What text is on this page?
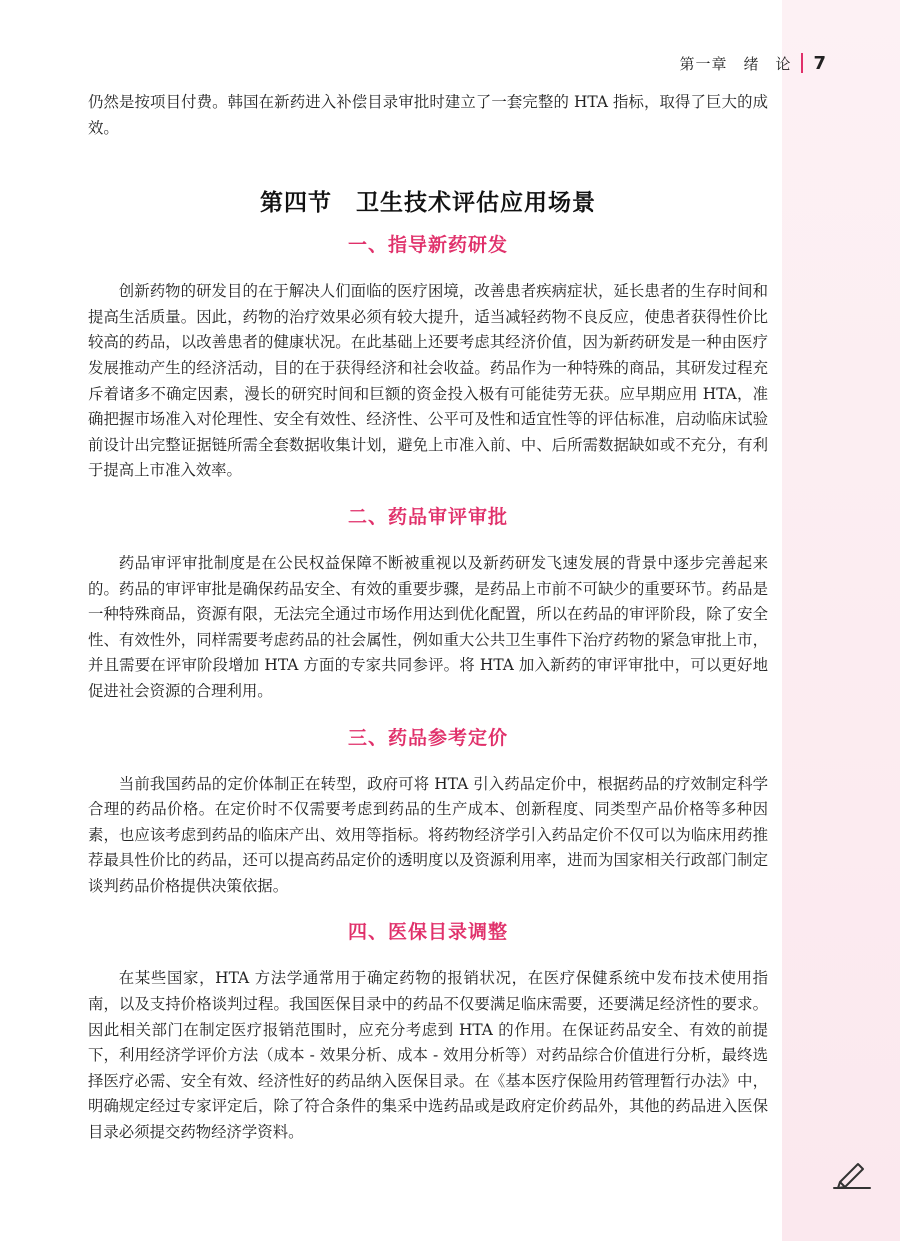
第一章　绪　论 7

仍然是按项目付费。韩国在新药进入补偿目录审批时建立了一套完整的 HTA 指标，取得了巨大的成效。

第四节　卫生技术评估应用场景
一、指导新药研发

创新药物的研发目的在于解决人们面临的医疗困境，改善患者疾病症状，延长患者的生存时间和提高生活质量。因此，药物的治疗效果必须有较大提升，适当减轻药物不良反应，使患者获得性价比较高的药品，以改善患者的健康状况。在此基础上还要考虑其经济价值，因为新药研发是一种由医疗发展推动产生的经济活动，目的在于获得经济和社会收益。药品作为一种特殊的商品，其研发过程充斥着诸多不确定因素，漫长的研究时间和巨额的资金投入极有可能徒劳无获。应早期应用 HTA，准确把握市场准入对伦理性、安全有效性、经济性、公平可及性和适宜性等的评估标准，启动临床试验前设计出完整证据链所需全套数据收集计划，避免上市准入前、中、后所需数据缺如或不充分，有利于提高上市准入效率。

二、药品审评审批

药品审评审批制度是在公民权益保障不断被重视以及新药研发飞速发展的背景中逐步完善起来的。药品的审评审批是确保药品安全、有效的重要步骤，是药品上市前不可缺少的重要环节。药品是一种特殊商品，资源有限，无法完全通过市场作用达到优化配置，所以在药品的审评阶段，除了安全性、有效性外，同样需要考虑药品的社会属性，例如重大公共卫生事件下治疗药物的紧急审批上市，并且需要在评审阶段增加 HTA 方面的专家共同参评。将 HTA 加入新药的审评审批中，可以更好地促进社会资源的合理利用。

三、药品参考定价

当前我国药品的定价体制正在转型，政府可将 HTA 引入药品定价中，根据药品的疗效制定科学合理的药品价格。在定价时不仅需要考虑到药品的生产成本、创新程度、同类型产品价格等多种因素，也应该考虑到药品的临床产出、效用等指标。将药物经济学引入药品定价不仅可以为临床用药推荐最具性价比的药品，还可以提高药品定价的透明度以及资源利用率，进而为国家相关行政部门制定谈判药品价格提供决策依据。

四、医保目录调整

在某些国家，HTA 方法学通常用于确定药物的报销状况，在医疗保健系统中发布技术使用指南，以及支持价格谈判过程。我国医保目录中的药品不仅要满足临床需要，还要满足经济性的要求。因此相关部门在制定医疗报销范围时，应充分考虑到 HTA 的作用。在保证药品安全、有效的前提下，利用经济学评价方法（成本 - 效果分析、成本 - 效用分析等）对药品综合价值进行分析，最终选择医疗必需、安全有效、经济性好的药品纳入医保目录。在《基本医疗保险用药管理暂行办法》中，明确规定经过专家评定后，除了符合条件的集采中选药品或是政府定价药品外，其他的药品进入医保目录必须提交药物经济学资料。
